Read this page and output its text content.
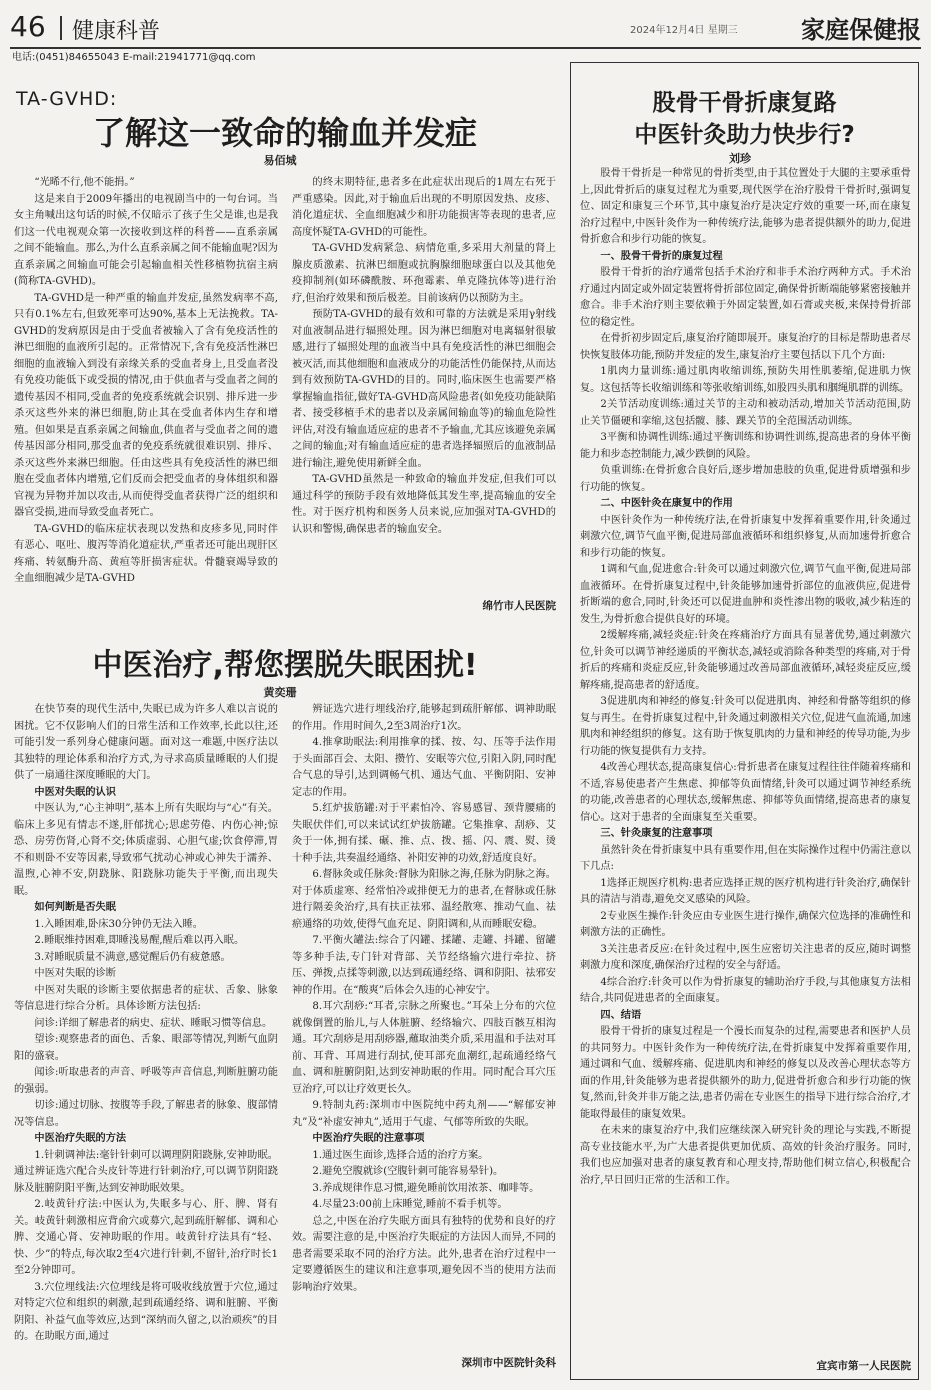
46 健康科普	2024年12月4日 星期三	家庭保健报
电话:(0451)84655043 E-mail:21941771@qq.com
TA-GVHD:
了解这一致命的输血并发症
易佰城

“光晞不行,他不能捐。”

这是来自于2009年播出的电视剧当中的一句台词。当女主角喊出这句话的时候,不仅暗示了孩子生父是谁,也是我们这一代电视观众第一次接收到这样的科普——直系亲属之间不能输血。那么,为什么直系亲属之间不能输血呢?因为直系亲属之间输血可能会引起输血相关性移植物抗宿主病(简称TA-GVHD)。

TA-GVHD是一种严重的输血并发症,虽然发病率不高,只有0.1%左右,但致死率可达90%,基本上无法挽救。TA-GVHD的发病原因是由于受血者被输入了含有免疫活性的淋巴细胞的血液所引起的。正常情况下,含有免疫活性淋巴细胞的血液输入到没有亲缘关系的受血者身上,且受血者没有免疫功能低下或受损的情况,由于供血者与受血者之间的遗传基因不相同,受血者的免疫系统就会识别、排斥进一步杀灭这些外来的淋巴细胞,防止其在受血者体内生存和增殖。但如果是直系亲属之间输血,供血者与受血者之间的遗传基因部分相同,那受血者的免疫系统就很难识别、排斥、杀灭这些外来淋巴细胞。任由这些具有免疫活性的淋巴细胞在受血者体内增殖,它们反而会把受血者的身体组织和器官视为异物并加以攻击,从而使得受血者获得广泛的组织和器官受损,进而导致受血者死亡。

TA-GVHD的临床症状表现以发热和皮疹多见,同时伴有恶心、呕吐、腹泻等消化道症状,严重者还可能出现肝区疼痛、转氨酶升高、黄疸等肝损害症状。骨髓衰竭导致的全血细胞减少是TA-GVHD

的终末期特征,患者多在此症状出现后的1周左右死于严重感染。因此,对于输血后出现的不明原因发热、皮疹、消化道症状、全血细胞减少和肝功能损害等表现的患者,应高度怀疑TA-GVHD的可能性。

TA-GVHD发病紧急、病情危重,多采用大剂量的肾上腺皮质激素、抗淋巴细胞或抗胸腺细胞球蛋白以及其他免疫抑制剂(如环磷酰胺、环孢霉素、单克隆抗体等)进行治疗,但治疗效果和预后极差。目前该病仍以预防为主。

预防TA-GVHD的最有效和可靠的方法就是采用γ射线对血液制品进行辐照处理。因为淋巴细胞对电离辐射很敏感,进行了辐照处理的血液当中具有免疫活性的淋巴细胞会被灭活,而其他细胞和血液成分的功能活性仍能保持,从而达到有效预防TA-GVHD的目的。同时,临床医生也需要严格掌握输血指征,做好TA-GVHD高风险患者(如免疫功能缺陷者、接受移植手术的患者以及亲属间输血等)的输血危险性评估,对没有输血适应症的患者不予输血,尤其应该避免亲属之间的输血;对有输血适应症的患者选择辐照后的血液制品进行输注,避免使用新鲜全血。

TA-GVHD虽然是一种致命的输血并发症,但我们可以通过科学的预防手段有效地降低其发生率,提高输血的安全性。对于医疗机构和医务人员来说,应加强对TA-GVHD的认识和警惕,确保患者的输血安全。

绵竹市人民医院
中医治疗,帮您摆脱失眠困扰!
黄奕珊

在快节奏的现代生活中,失眠已成为许多人难以言说的困扰。它不仅影响人们的日常生活和工作效率,长此以往,还可能引发一系列身心健康问题。面对这一难题,中医疗法以其独特的理论体系和治疗方式,为寻求高质量睡眠的人们提供了一扇通往深度睡眠的大门。

中医对失眠的认识

中医认为,“心主神明”,基本上所有失眠均与“心”有关。临床上多见有情志不遂,肝郁扰心;思虑劳倦、内伤心神;惊恐、房劳伤肾,心肾不交;体质虚弱、心胆气虚;饮食停滞,胃不和则卧不安等因素,导致邪气扰动心神或心神失于濡养、温煦,心神不安,阴跷脉、阳跷脉功能失于平衡,而出现失眠。

如何判断是否失眠

1.入睡困难,卧床30分钟仍无法入睡。

2.睡眠维持困难,即睡浅易醒,醒后难以再入眠。

3.对睡眠质量不满意,感觉醒后仍有疲惫感。

中医对失眠的诊断

中医对失眠的诊断主要依据患者的症状、舌象、脉象等信息进行综合分析。具体诊断方法包括:

问诊:详细了解患者的病史、症状、睡眠习惯等信息。

望诊:观察患者的面色、舌象、眼部等情况,判断气血阴阳的盛衰。

闻诊:听取患者的声音、呼吸等声音信息,判断脏腑功能的强弱。

切诊:通过切脉、按腹等手段,了解患者的脉象、腹部情况等信息。

中医治疗失眠的方法

1.针刺调神法:毫针针刺可以调理阴阳跷脉,安神助眠。通过辨证选穴配合头皮针等进行针刺治疗,可以调节阴阳跷脉及脏腑阴阳平衡,达到安神助眠效果。

2.岐黄针疗法:中医认为,失眠多与心、肝、脾、肾有关。岐黄针刺激相应背俞穴或募穴,起到疏肝解郁、调和心脾、交通心肾、安神助眠的作用。岐黄针疗法具有“轻、快、少”的特点,每次取2至4穴进行针刺,不留针,治疗时长1至2分钟即可。

3.穴位埋线法:穴位埋线是将可吸收线放置于穴位,通过对特定穴位和组织的刺激,起到疏通经络、调和脏腑、平衡阴阳、补益气血等效应,达到“深纳而久留之,以治顽疾”的目的。在助眠方面,通过

辨证选穴进行埋线治疗,能够起到疏肝解郁、调神助眠的作用。作用时间久,2至3周治疗1次。

4.推拿助眠法:利用推拿的揉、按、勾、压等手法作用于头面部百会、太阳、攒竹、安眠等穴位,引阳入阴,同时配合气息的导引,达到调畅气机、通达气血、平衡阴阳、安神定志的作用。

5.红炉拔筋罐:对于平素怕冷、容易感冒、颈背腰痛的失眠伏伴们,可以来试试红炉拔筋罐。它集推拿、刮痧、艾灸于一体,拥有揉、碾、推、点、拨、摇、闪、震、熨、烫十种手法,共奏温经通络、补阳安神的功效,舒适度良好。

6.督脉灸或任脉灸:督脉为阳脉之海,任脉为阴脉之海。对于体质虚寒、经常怕冷或排便无力的患者,在督脉或任脉进行隔姜灸治疗,具有扶正祛邪、温经散寒、推动气血、祛瘀通络的功效,使得气血充足、阴阳调和,从而睡眠安稳。

7.平衡火罐法:综合了闪罐、揉罐、走罐、抖罐、留罐等多种手法,专门针对背部、关节经络输穴进行牵拉、挤压、弹拨,点揉等刺激,以达到疏通经络、调和阴阳、祛邪安神的作用。在“酸爽”后体会久违的心神安宁。

8.耳穴刮痧:“耳者,宗脉之所聚也。”耳朵上分布的穴位就像倒置的胎儿,与人体脏腑、经络输穴、四肢百骸互相沟通。耳穴刮痧是用刮痧器,蘸取油类介质,采用温和手法对耳前、耳背、耳周进行刮拭,使耳部充血潮红,起疏通经络气血、调和脏腑阴阳,达到安神助眠的作用。同时配合耳穴压豆治疗,可以让疗效更长久。

9.特制丸药:深圳市中医院纯中药丸剂——“解郁安神丸”及“补虚安神丸”,适用于气虚、气郁等所致的失眠。

中医治疗失眠的注意事项

1.通过医生面诊,选择合适的治疗方案。

2.避免空腹就诊(空腹针刺可能容易晕针)。

3.养成规律作息习惯,避免睡前饮用浓茶、咖啡等。

4.尽量23:00前上床睡觉,睡前不看手机等。

总之,中医在治疗失眠方面具有独特的优势和良好的疗效。需要注意的是,中医治疗失眠症的方法因人而异,不同的患者需要采取不同的治疗方法。此外,患者在治疗过程中一定要遵循医生的建议和注意事项,避免因不当的使用方法而影响治疗效果。

深圳市中医院针灸科
股骨干骨折康复路
中医针灸助力快步行?
刘珍

股骨干骨折是一种常见的骨折类型,由于其位置处于大腿的主要承重骨上,因此骨折后的康复过程尤为重要,现代医学在治疗股骨干骨折时,强调复位、固定和康复三个环节,其中康复治疗是决定疗效的重要一环,而在康复治疗过程中,中医针灸作为一种传统疗法,能够为患者提供额外的助力,促进骨折愈合和步行功能的恢复。

一、股骨干骨折的康复过程

股骨干骨折的治疗通常包括手术治疗和非手术治疗两种方式。手术治疗通过内固定或外固定装置将骨折部位固定,确保骨折断端能够紧密接触并愈合。非手术治疗则主要依赖于外固定装置,如石膏或夹板,来保持骨折部位的稳定性。

在骨折初步固定后,康复治疗随即展开。康复治疗的目标是帮助患者尽快恢复肢体功能,预防并发症的发生,康复治疗主要包括以下几个方面:

1肌肉力量训练:通过肌肉收缩训练,预防失用性肌萎缩,促进肌力恢复。这包括等长收缩训练和等张收缩训练,如股四头肌和腘绳肌群的训练。

2关节活动度训练:通过关节的主动和被动活动,增加关节活动范围,防止关节僵硬和挛缩,这包括髋、膝、踝关节的全范围活动训练。

3平衡和协调性训练:通过平衡训练和协调性训练,提高患者的身体平衡能力和步态控制能力,减少跌倒的风险。

负重训练:在骨折愈合良好后,逐步增加患肢的负重,促进骨质增强和步行功能的恢复。

二、中医针灸在康复中的作用

中医针灸作为一种传统疗法,在骨折康复中发挥着重要作用,针灸通过刺激穴位,调节气血平衡,促进局部血液循环和组织修复,从而加速骨折愈合和步行功能的恢复。

1调和气血,促进愈合:针灸可以通过刺激穴位,调节气血平衡,促进局部血液循环。在骨折康复过程中,针灸能够加速骨折部位的血液供应,促进骨折断端的愈合,同时,针灸还可以促进血肿和炎性渗出物的吸收,减少粘连的发生,为骨折愈合提供良好的环境。

2缓解疼痛,减轻炎症:针灸在疼痛治疗方面具有显著优势,通过刺激穴位,针灸可以调节神经递质的平衡状态,减轻或消除各种类型的疼痛,对于骨折后的疼痛和炎症反应,针灸能够通过改善局部血液循环,减轻炎症反应,缓解疼痛,提高患者的舒适度。

3促进肌肉和神经的修复:针灸可以促进肌肉、神经和骨骼等组织的修复与再生。在骨折康复过程中,针灸通过刺激相关穴位,促进气血流通,加速肌肉和神经组织的修复。这有助于恢复肌肉的力量和神经的传导功能,为步行功能的恢复提供有力支持。

4改善心理状态,提高康复信心:骨折患者在康复过程往往伴随着疼痛和不适,容易使患者产生焦虑、抑郁等负面情绪,针灸可以通过调节神经系统的功能,改善患者的心理状态,缓解焦虑、抑郁等负面情绪,提高患者的康复信心。这对于患者的全面康复至关重要。

三、针灸康复的注意事项

虽然针灸在骨折康复中具有重要作用,但在实际操作过程中仍需注意以下几点:

1选择正规医疗机构:患者应选择正规的医疗机构进行针灸治疗,确保针具的清洁与消毒,避免交叉感染的风险。

2专业医生操作:针灸应由专业医生进行操作,确保穴位选择的准确性和刺激方法的正确性。

3关注患者反应:在针灸过程中,医生应密切关注患者的反应,随时调整刺激力度和深度,确保治疗过程的安全与舒适。

4综合治疗:针灸可以作为骨折康复的辅助治疗手段,与其他康复方法相结合,共同促进患者的全面康复。

四、结语

股骨干骨折的康复过程是一个漫长而复杂的过程,需要患者和医护人员的共同努力。中医针灸作为一种传统疗法,在骨折康复中发挥着重要作用,通过调和气血、缓解疼痛、促进肌肉和神经的修复以及改善心理状态等方面的作用,针灸能够为患者提供额外的助力,促进骨折愈合和步行功能的恢复,然而,针灸并非万能之法,患者仍需在专业医生的指导下进行综合治疗,才能取得最佳的康复效果。

在未来的康复治疗中,我们应继续深入研究针灸的理论与实践,不断提高专业技能水平,为广大患者提供更加优质、高效的针灸治疗服务。同时,我们也应加强对患者的康复教育和心理支持,帮助他们树立信心,积极配合治疗,早日回归正常的生活和工作。

宜宾市第一人民医院
